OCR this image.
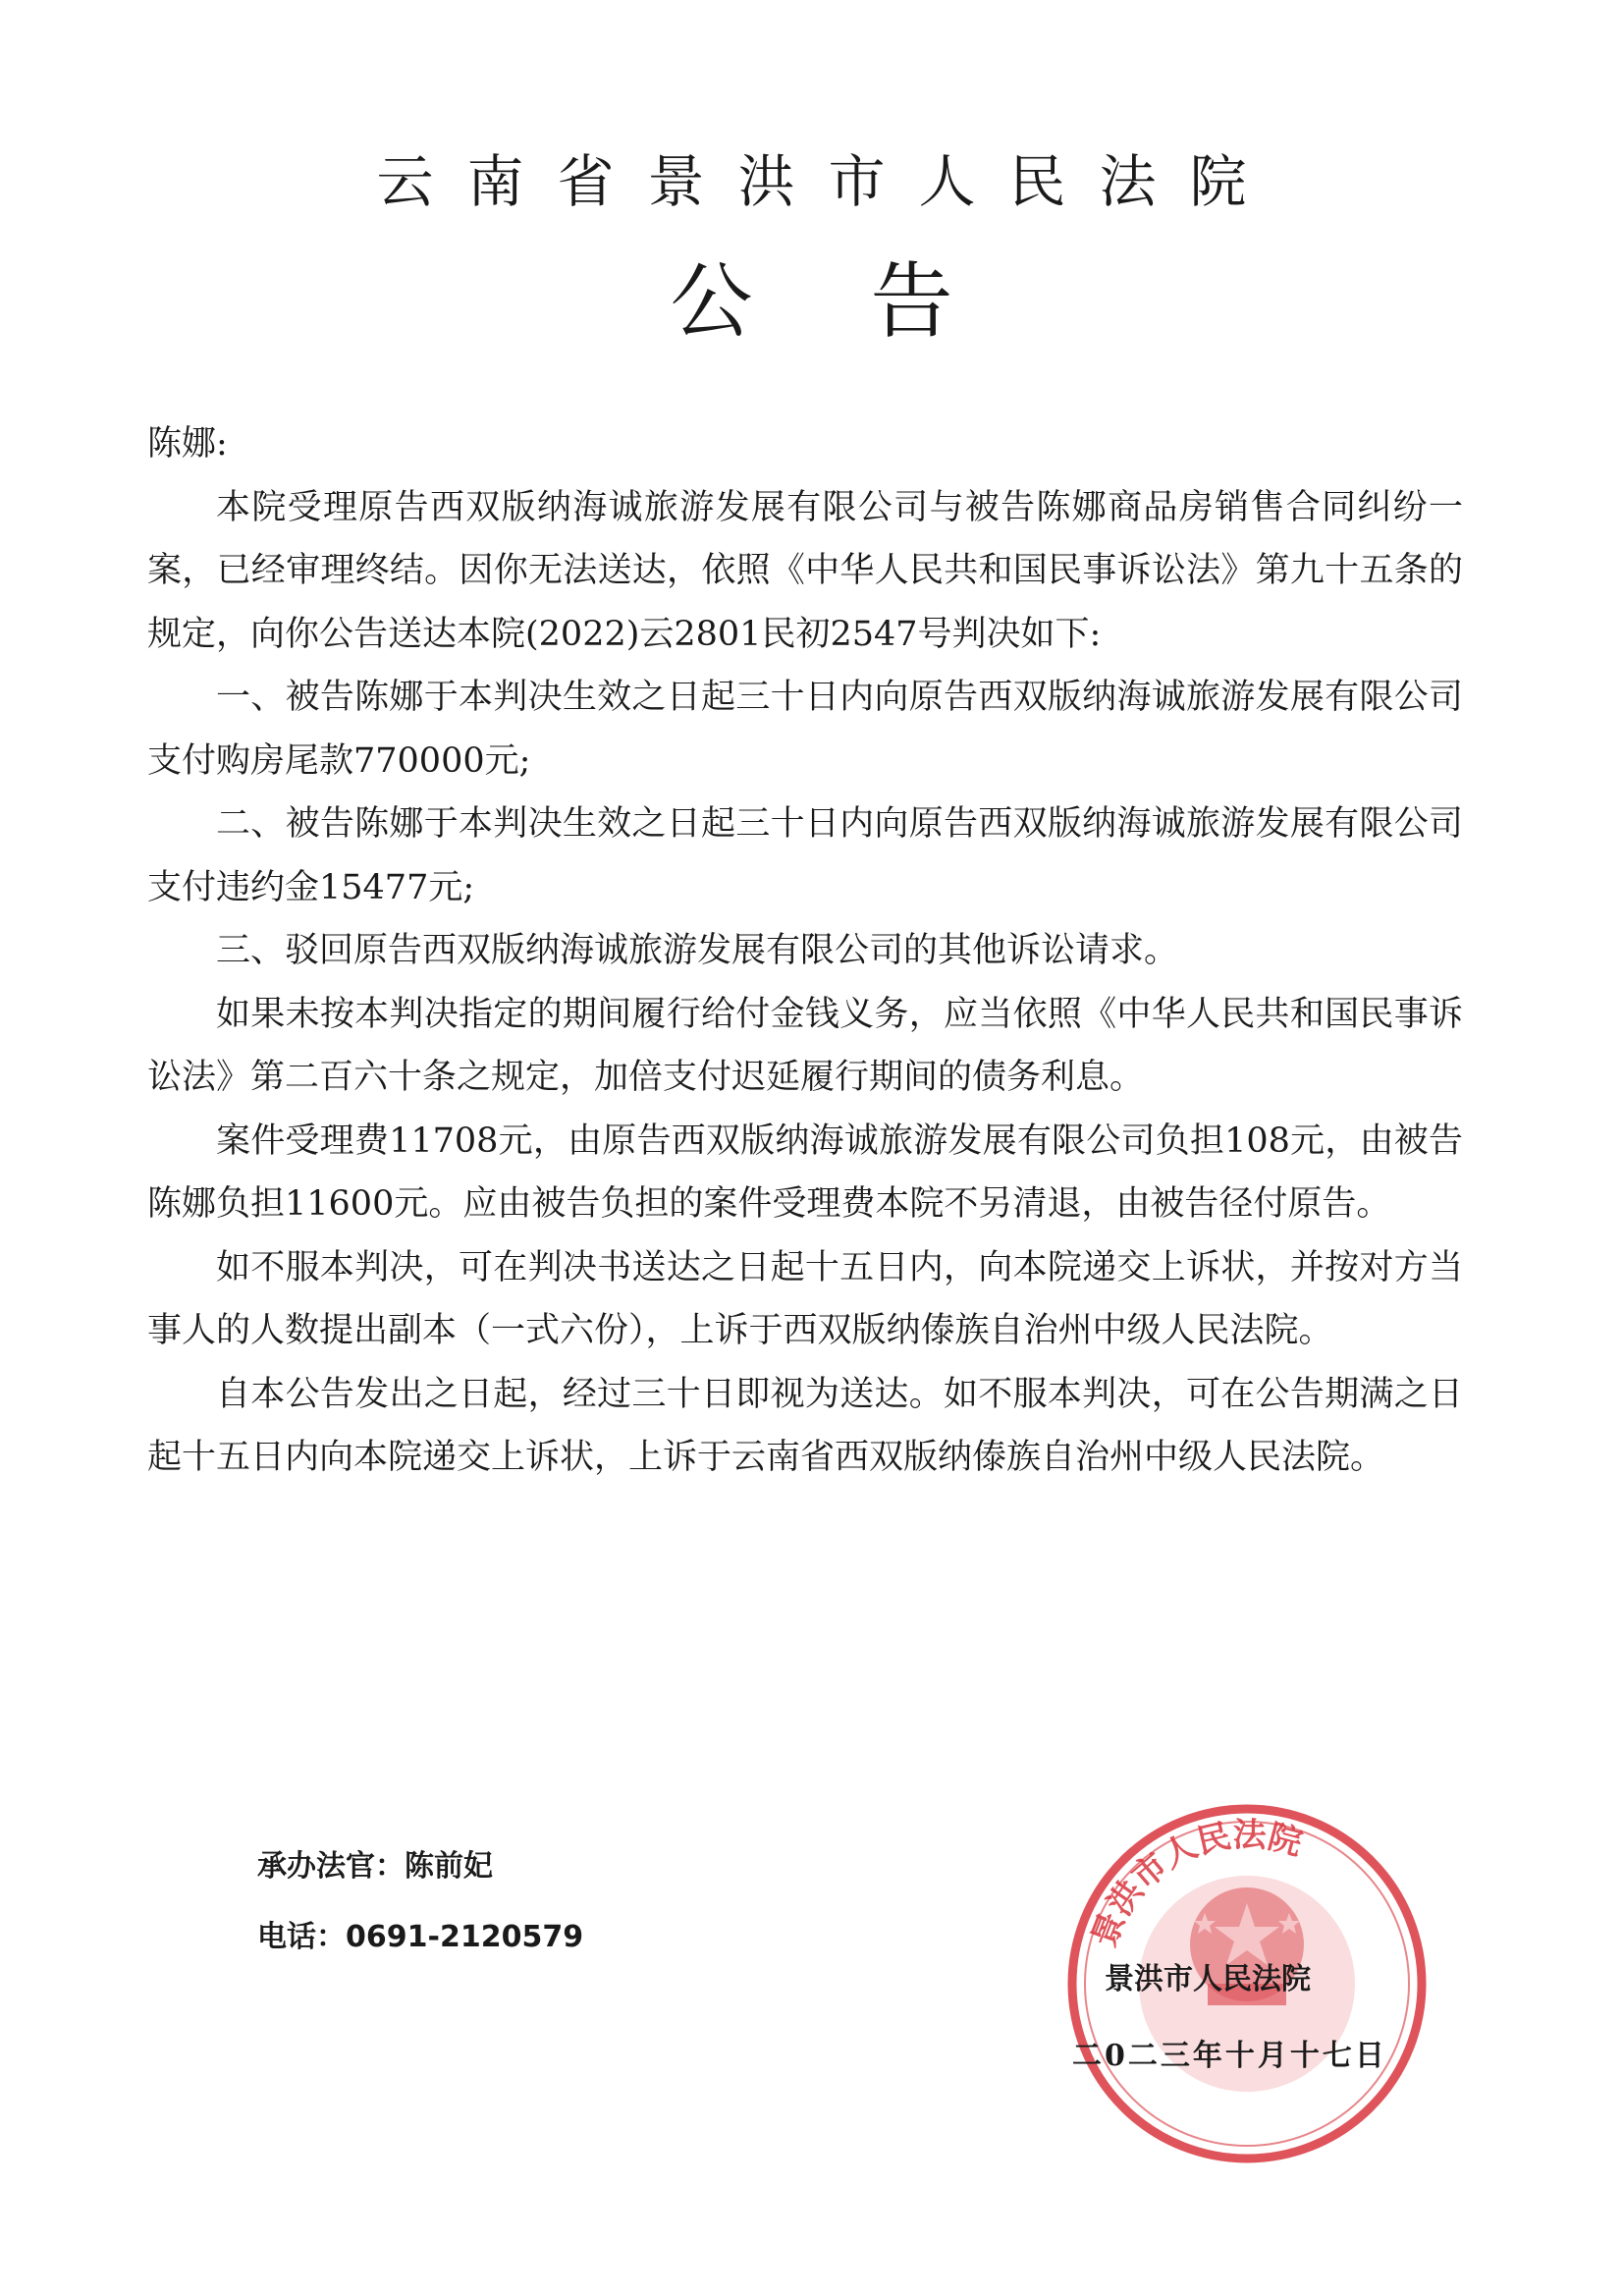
云南省景洪市人民法院
公告

陈娜:

本院受理原告西双版纳海诚旅游发展有限公司与被告陈娜商品房销售合同纠纷一案，已经审理终结。因你无法送达，依照《中华人民共和国民事诉讼法》第九十五条的规定，向你公告送达本院(2022)云2801民初2547号判决如下:

一、被告陈娜于本判决生效之日起三十日内向原告西双版纳海诚旅游发展有限公司支付购房尾款770000元;

二、被告陈娜于本判决生效之日起三十日内向原告西双版纳海诚旅游发展有限公司支付违约金15477元;

三、驳回原告西双版纳海诚旅游发展有限公司的其他诉讼请求。

如果未按本判决指定的期间履行给付金钱义务，应当依照《中华人民共和国民事诉讼法》第二百六十条之规定，加倍支付迟延履行期间的债务利息。

案件受理费11708元，由原告西双版纳海诚旅游发展有限公司负担108元，由被告陈娜负担11600元。应由被告负担的案件受理费本院不另清退，由被告径付原告。

如不服本判决，可在判决书送达之日起十五日内，向本院递交上诉状，并按对方当事人的人数提出副本（一式六份），上诉于西双版纳傣族自治州中级人民法院。

自本公告发出之日起，经过三十日即视为送达。如不服本判决，可在公告期满之日起十五日内向本院递交上诉状，上诉于云南省西双版纳傣族自治州中级人民法院。

承办法官：陈前妃
电话：0691-2120579	景洪市人民法院
景洪市人民法院
二0二三年十月十七日
